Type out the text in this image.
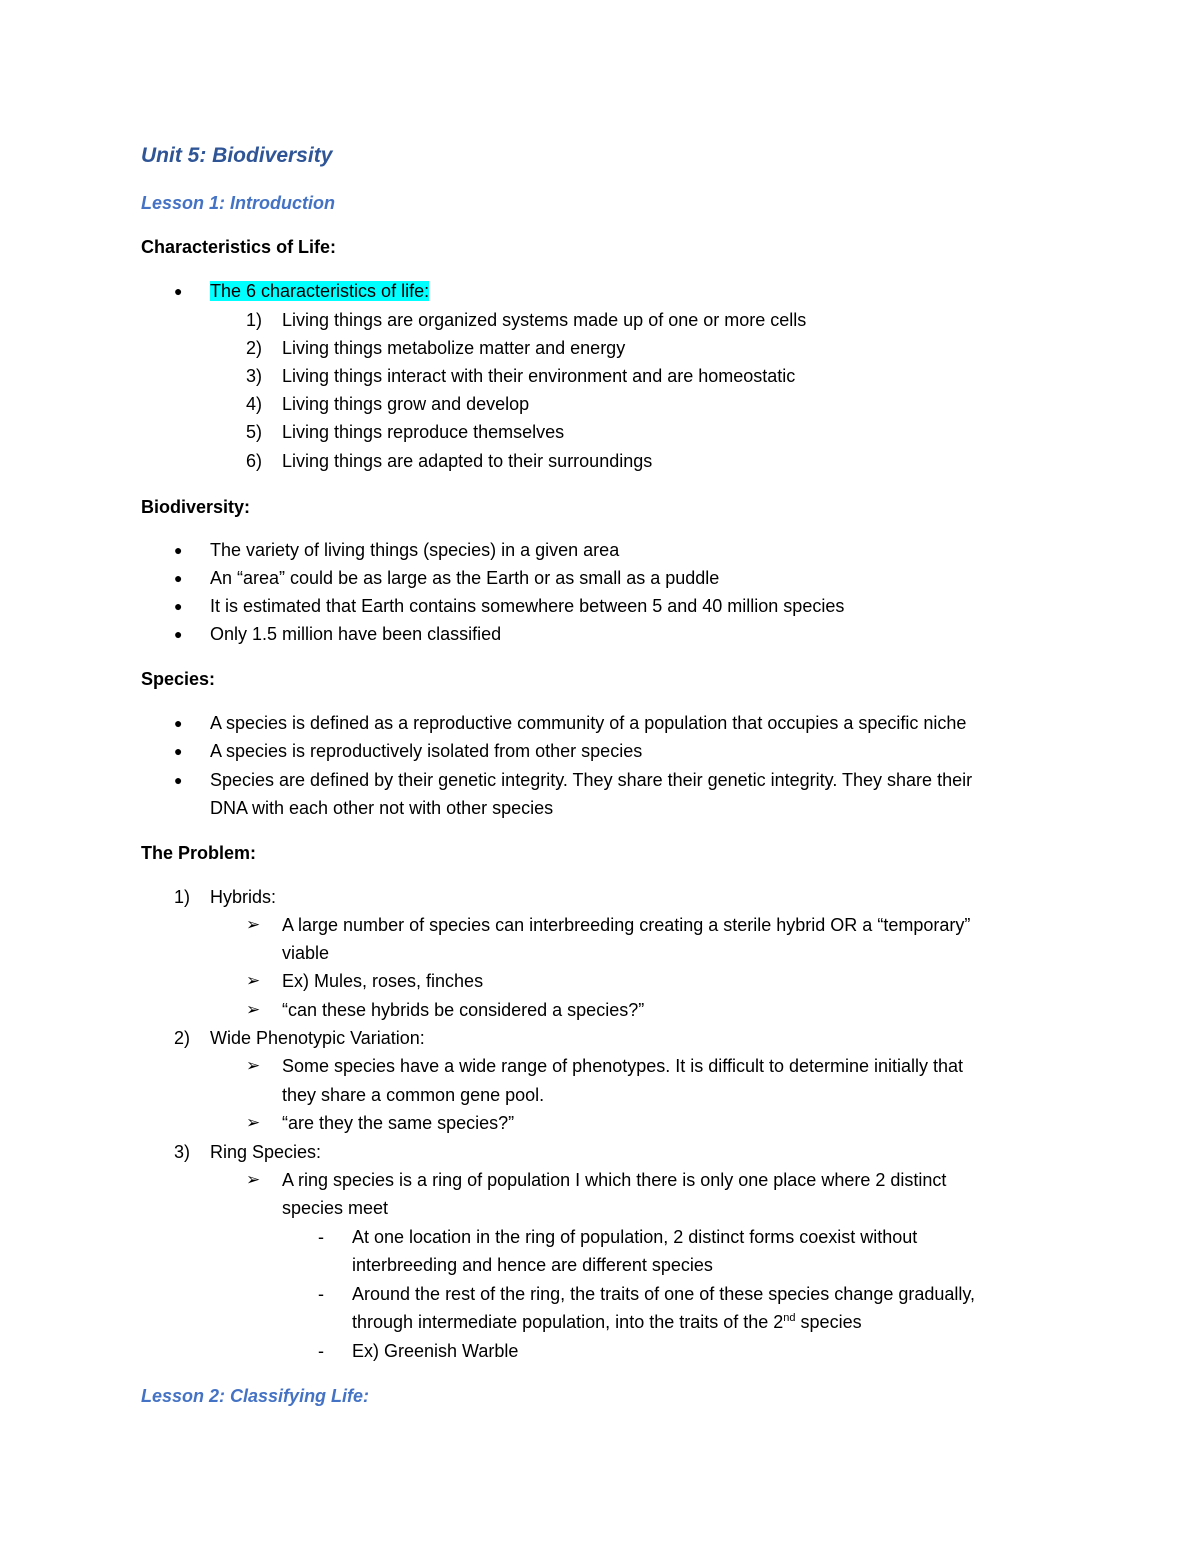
Unit 5: Biodiversity
Lesson 1: Introduction
Characteristics of Life:
● The 6 characteristics of life:
1) Living things are organized systems made up of one or more cells
2) Living things metabolize matter and energy
3) Living things interact with their environment and are homeostatic
4) Living things grow and develop
5) Living things reproduce themselves
6) Living things are adapted to their surroundings
Biodiversity:
● The variety of living things (species) in a given area
● An “area” could be as large as the Earth or as small as a puddle
● It is estimated that Earth contains somewhere between 5 and 40 million species
● Only 1.5 million have been classified
Species:
● A species is defined as a reproductive community of a population that occupies a specific niche
● A species is reproductively isolated from other species
● Species are defined by their genetic integrity. They share their genetic integrity. They share their
DNA with each other not with other species
The Problem:
1) Hybrids:
➢ A large number of species can interbreeding creating a sterile hybrid OR a “temporary”
viable
➢ Ex) Mules, roses, finches
➢ “can these hybrids be considered a species?”
2) Wide Phenotypic Variation:
➢ Some species have a wide range of phenotypes. It is difficult to determine initially that
they share a common gene pool.
➢ “are they the same species?”
3) Ring Species:
➢ A ring species is a ring of population I which there is only one place where 2 distinct
species meet
- At one location in the ring of population, 2 distinct forms coexist without
interbreeding and hence are different species
- Around the rest of the ring, the traits of one of these species change gradually,
through intermediate population, into the traits of the 2nd species
- Ex) Greenish Warble
Lesson 2: Classifying Life:
